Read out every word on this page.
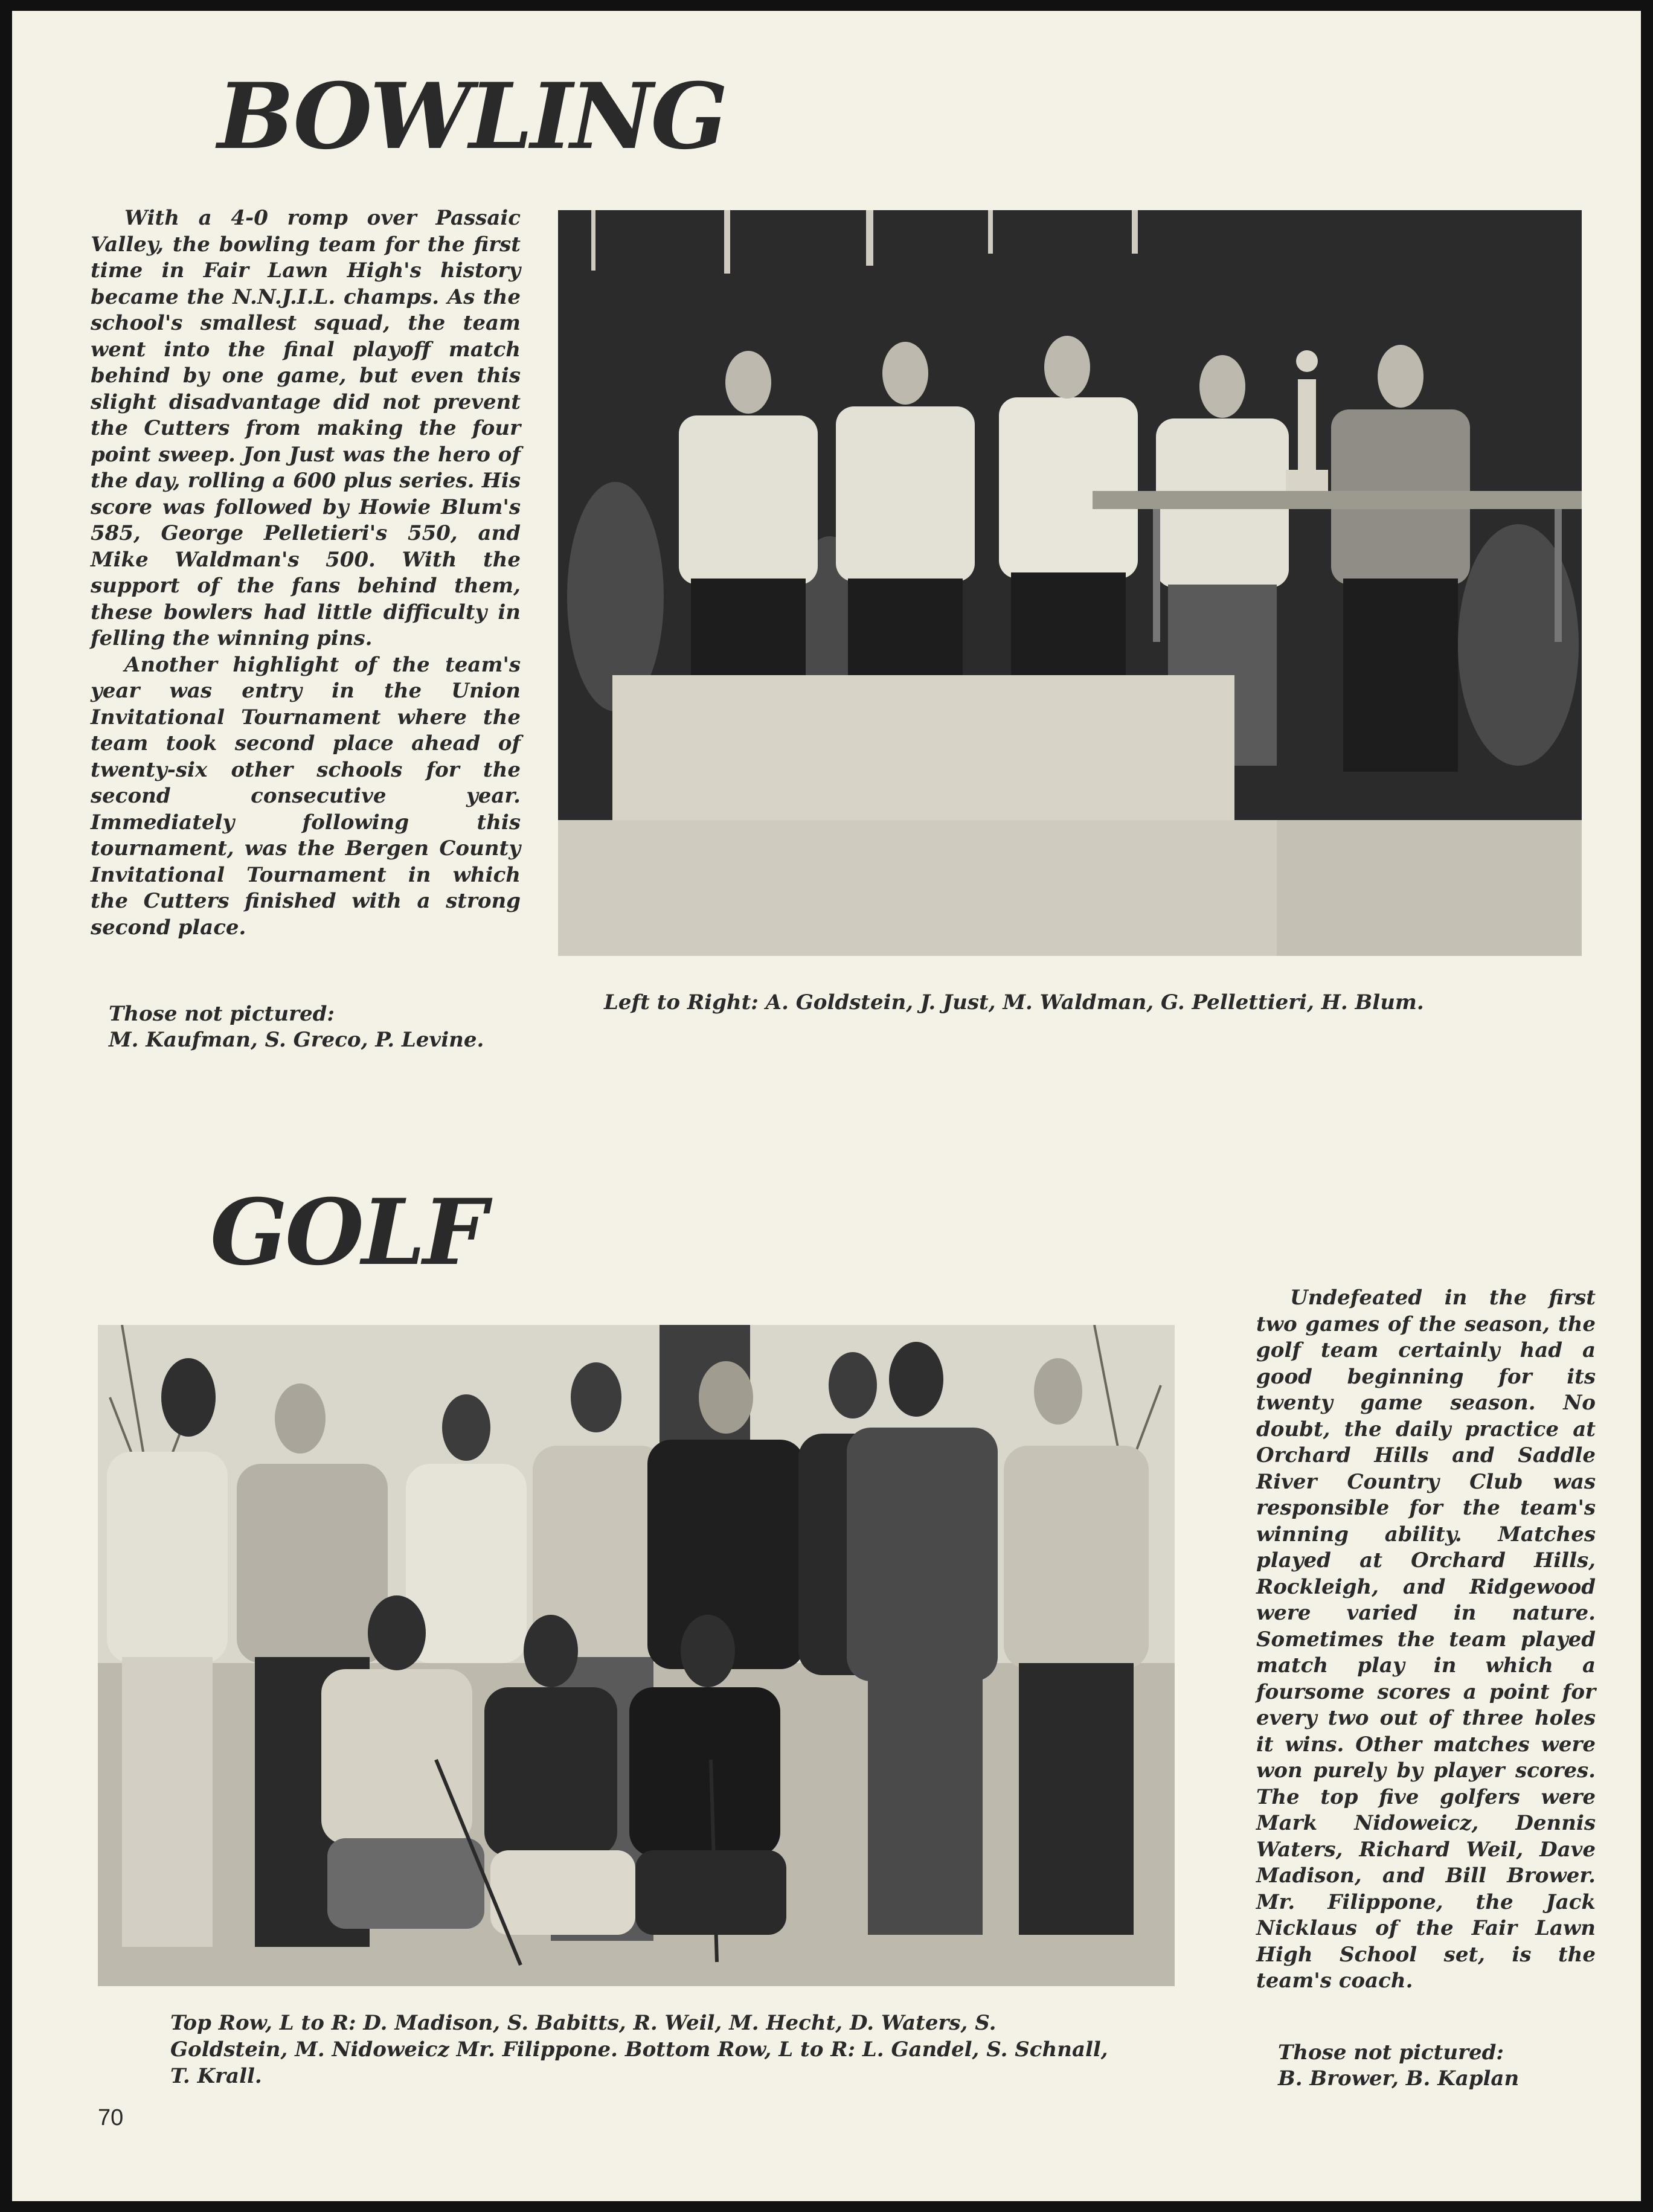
BOWLING

With a 4-0 romp over Passaic Valley, the bowling team for the first time in Fair Lawn High's history became the N.N.J.I.L. champs. As the school's smallest squad, the team went into the final playoff match behind by one game, but even this slight disadvantage did not prevent the Cutters from making the four point sweep. Jon Just was the hero of the day, rolling a 600 plus series. His score was followed by Howie Blum's 585, George Pelletieri's 550, and Mike Waldman's 500. With the support of the fans behind them, these bowlers had little difficulty in felling the winning pins.

Another highlight of the team's year was entry in the Union Invitational Tournament where the team took second place ahead of twenty-six other schools for the second consecutive year. Immediately following this tournament, was the Bergen County Invitational Tournament in which the Cutters finished with a strong second place.

Those not pictured:
M. Kaufman, S. Greco, P. Levine.
Left to Right: A. Goldstein, J. Just, M. Waldman, G. Pellettieri, H. Blum.
GOLF

Undefeated in the first two games of the season, the golf team certainly had a good beginning for its twenty game season. No doubt, the daily practice at Orchard Hills and Saddle River Country Club was responsible for the team's winning ability. Matches played at Orchard Hills, Rockleigh, and Ridgewood were varied in nature. Sometimes the team played match play in which a foursome scores a point for every two out of three holes it wins. Other matches were won purely by player scores. The top five golfers were Mark Nidoweicz, Dennis Waters, Richard Weil, Dave Madison, and Bill Brower. Mr. Filippone, the Jack Nicklaus of the Fair Lawn High School set, is the team's coach.

Those not pictured:
B. Brower, B. Kaplan
Top Row, L to R: D. Madison, S. Babitts, R. Weil, M. Hecht, D. Waters, S. Goldstein, M. Nidoweicz Mr. Filippone. Bottom Row, L to R: L. Gandel, S. Schnall, T. Krall.
70
